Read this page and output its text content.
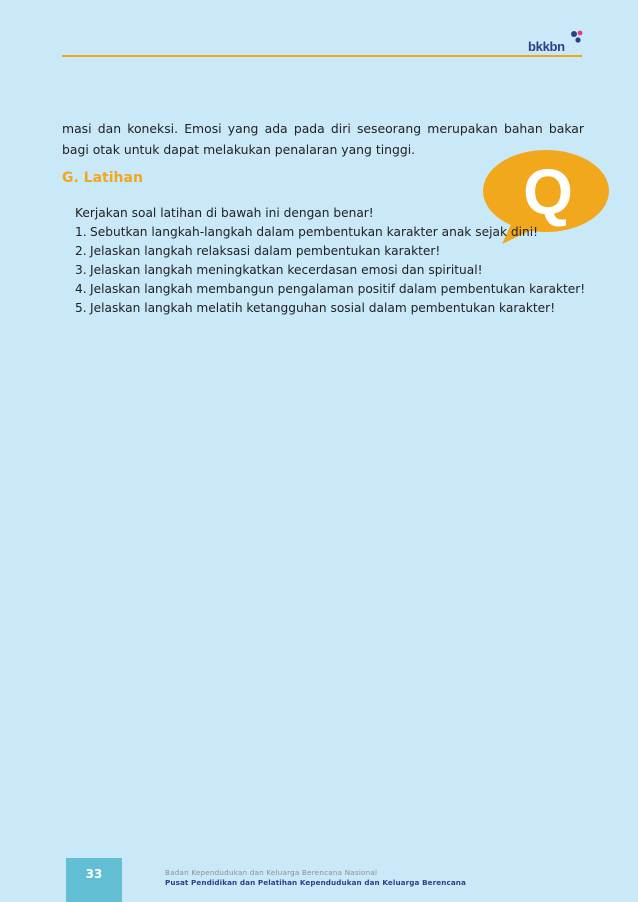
bkkbn

masi dan koneksi. Emosi yang ada pada diri seseorang merupakan bahan bakar bagi otak untuk dapat melakukan penalaran yang tinggi.

G. Latihan	Q

Kerjakan soal latihan di bawah ini dengan benar!

1. Sebutkan langkah-langkah dalam pembentukan karakter anak sejak dini!
2. Jelaskan langkah relaksasi dalam pembentukan karakter!
3. Jelaskan langkah meningkatkan kecerdasan emosi dan spiritual!
4. Jelaskan langkah membangun pengalaman positif dalam pembentukan karakter!
5. Jelaskan langkah melatih ketangguhan sosial dalam pembentukan karakter!
33	Badan Kependudukan dan Keluarga Berencana Nasional

Pusat Pendidikan dan Pelatihan Kependudukan dan Keluarga Berencana
